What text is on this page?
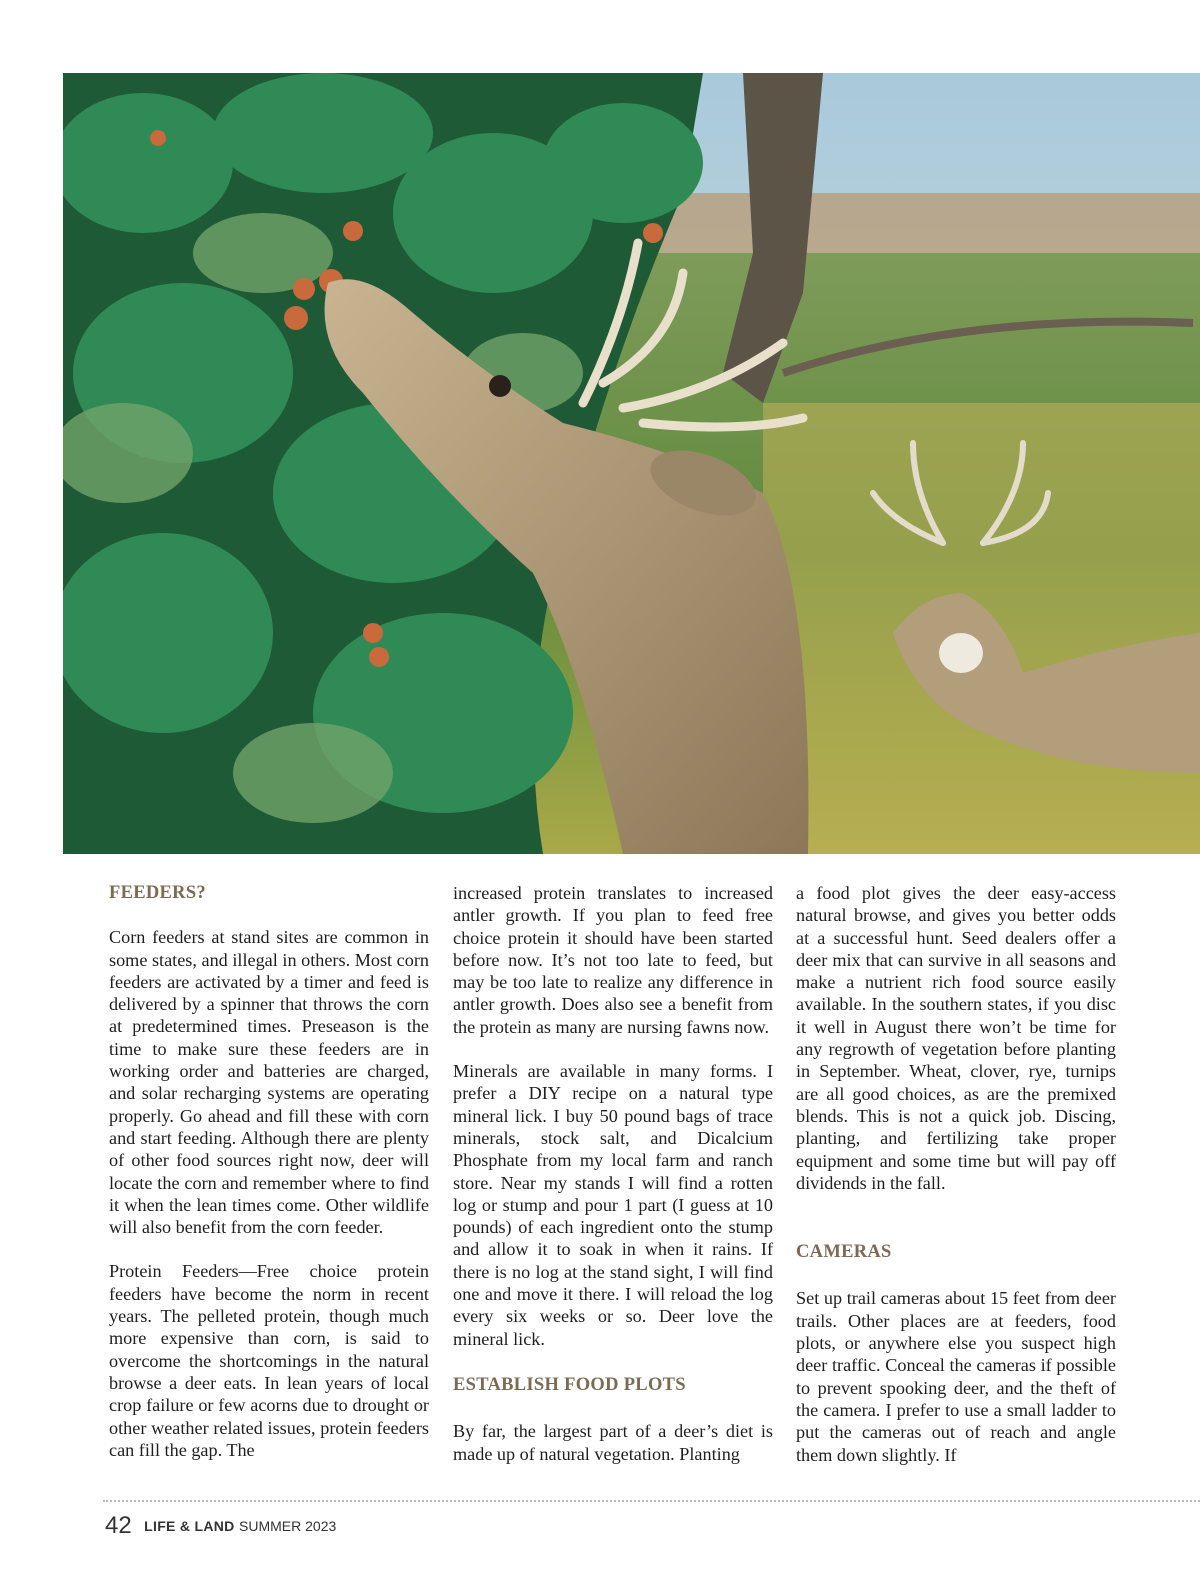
FEEDERS?

Corn feeders at stand sites are common in some states, and illegal in others. Most corn feeders are activated by a timer and feed is delivered by a spinner that throws the corn at predetermined times. Preseason is the time to make sure these feeders are in working order and batteries are charged, and solar recharging systems are operating properly. Go ahead and fill these with corn and start feeding. Although there are plenty of other food sources right now, deer will locate the corn and remember where to find it when the lean times come. Other wildlife will also benefit from the corn feeder.

Protein Feeders—Free choice protein feeders have become the norm in recent years. The pelleted protein, though much more expensive than corn, is said to overcome the shortcomings in the natural browse a deer eats. In lean years of local crop failure or few acorns due to drought or other weather related issues, protein feeders can fill the gap. The

increased protein translates to increased antler growth. If you plan to feed free choice protein it should have been started before now. It’s not too late to feed, but may be too late to realize any difference in antler growth. Does also see a benefit from the protein as many are nursing fawns now.

Minerals are available in many forms. I prefer a DIY recipe on a natural type mineral lick. I buy 50 pound bags of trace minerals, stock salt, and Dicalcium Phosphate from my local farm and ranch store. Near my stands I will find a rotten log or stump and pour 1 part (I guess at 10 pounds) of each ingredient onto the stump and allow it to soak in when it rains. If there is no log at the stand sight, I will find one and move it there. I will reload the log every six weeks or so. Deer love the mineral lick.

ESTABLISH FOOD PLOTS

By far, the largest part of a deer’s diet is made up of natural vegetation. Planting

a food plot gives the deer easy-access natural browse, and gives you better odds at a successful hunt. Seed dealers offer a deer mix that can survive in all seasons and make a nutrient rich food source easily available. In the southern states, if you disc it well in August there won’t be time for any regrowth of vegetation before planting in September. Wheat, clover, rye, turnips are all good choices, as are the premixed blends. This is not a quick job. Discing, planting, and fertilizing take proper equipment and some time but will pay off dividends in the fall.

CAMERAS

Set up trail cameras about 15 feet from deer trails. Other places are at feeders, food plots, or anywhere else you suspect high deer traffic. Conceal the cameras if possible to prevent spooking deer, and the theft of the camera. I prefer to use a small ladder to put the cameras out of reach and angle them down slightly. If

42 LIFE & LAND SUMMER 2023
